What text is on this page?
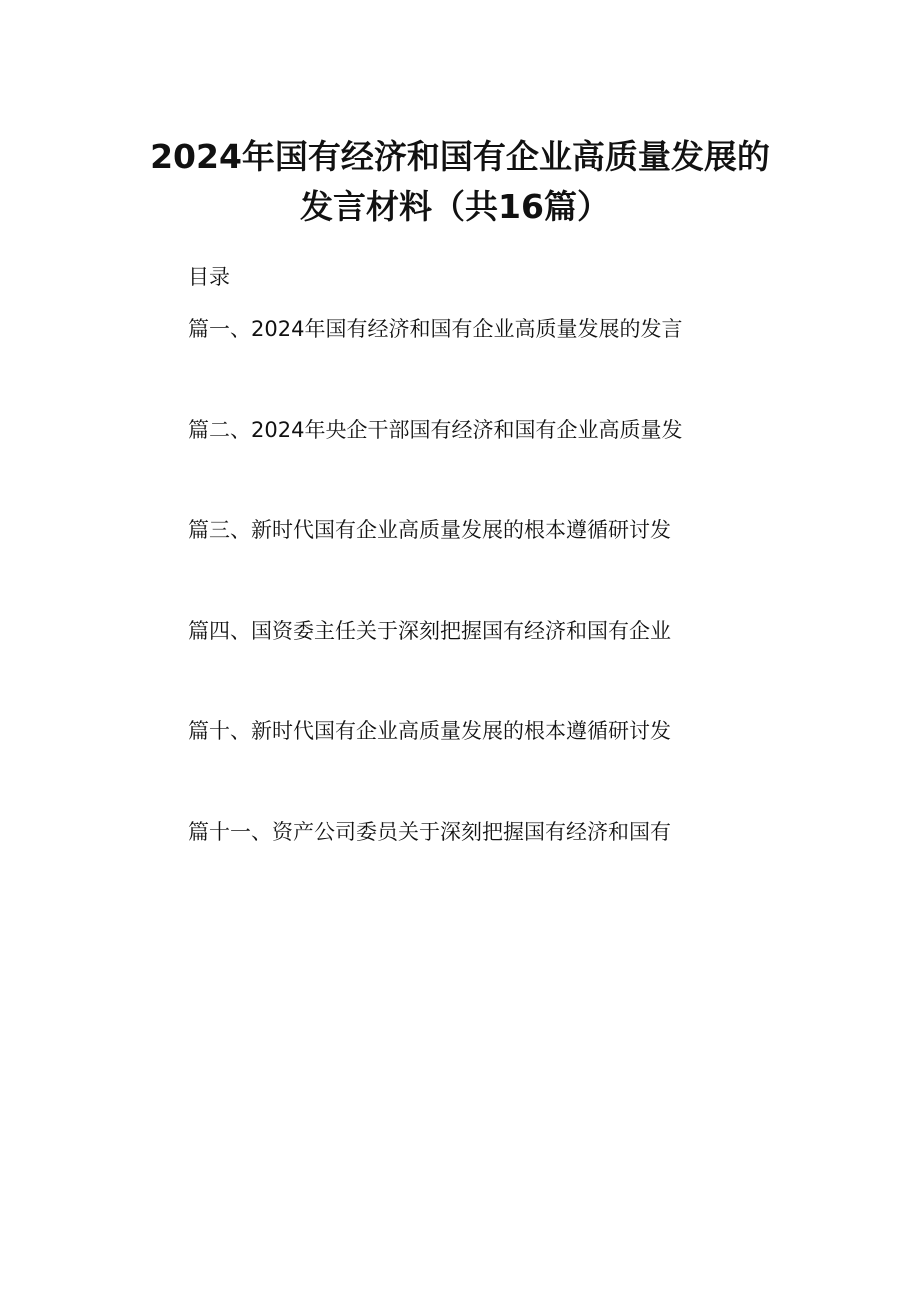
2024年国有经济和国有企业高质量发展的
发言材料（共16篇）
目录
篇一、2024年国有经济和国有企业高质量发展的发言
篇二、2024年央企干部国有经济和国有企业高质量发
篇三、新时代国有企业高质量发展的根本遵循研讨发
篇四、国资委主任关于深刻把握国有经济和国有企业
篇十、新时代国有企业高质量发展的根本遵循研讨发
篇十一、资产公司委员关于深刻把握国有经济和国有
